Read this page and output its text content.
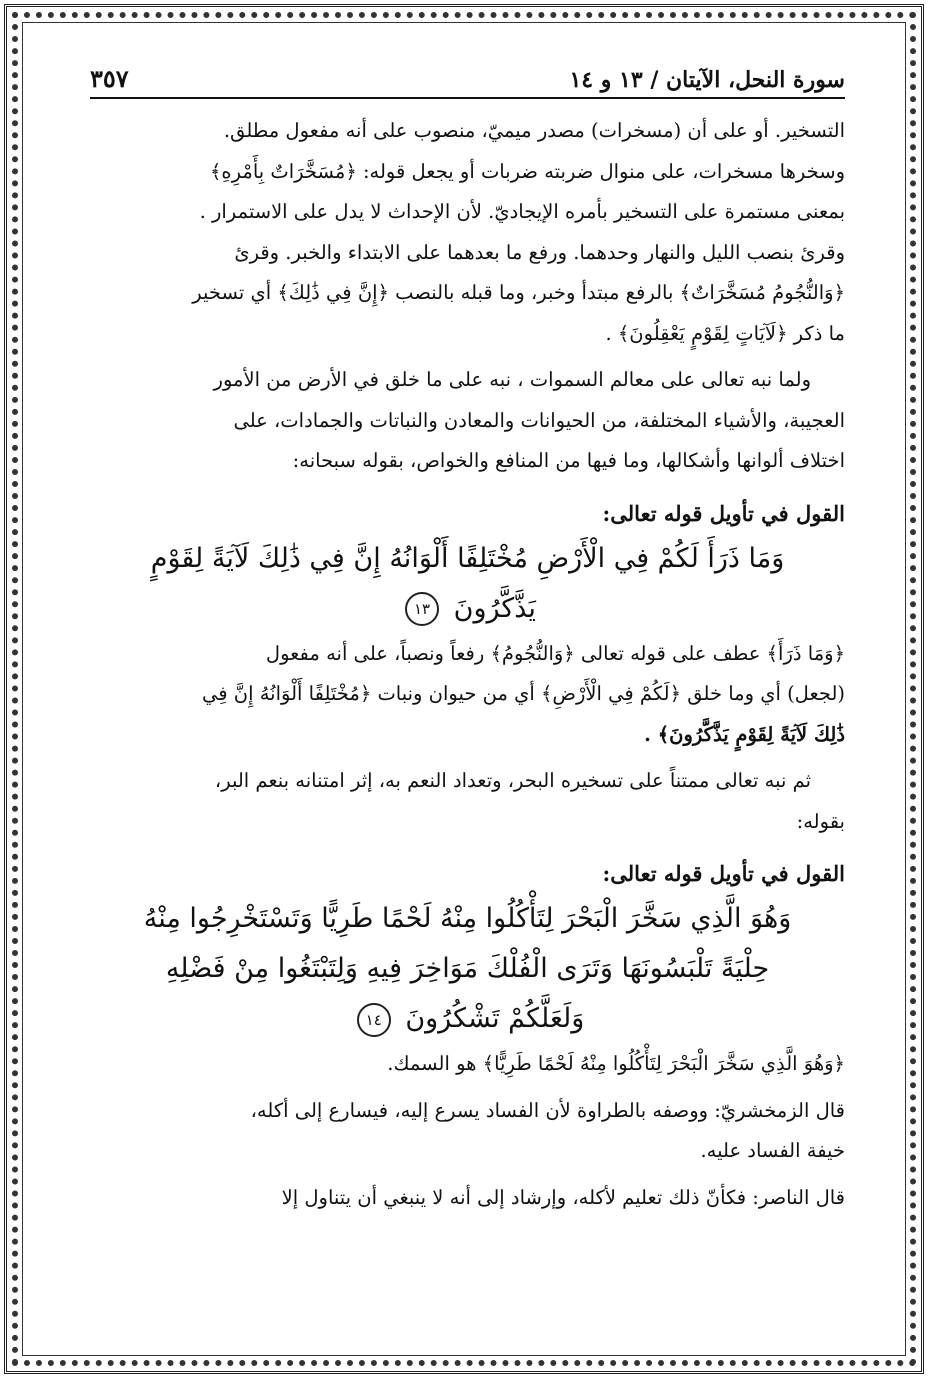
سورة النحل، الآيتان / ١٣ و ١٤
٣٥٧

التسخير. أو على أن (مسخرات) مصدر ميميّ، منصوب على أنه مفعول مطلق.

وسخرها مسخرات، على منوال ضربته ضربات أو يجعل قوله: ﴿مُسَخَّرَاتٌ بِأَمْرِهِ﴾

بمعنى مستمرة على التسخير بأمره الإيجاديّ. لأن الإحداث لا يدل على الاستمرار .

وقرئ بنصب الليل والنهار وحدهما. ورفع ما بعدهما على الابتداء والخبر. وقرئ

﴿وَالنُّجُومُ مُسَخَّرَاتٌ﴾ بالرفع مبتدأ وخبر، وما قبله بالنصب ﴿إِنَّ فِي ذَٰلِكَ﴾ أي تسخير

ما ذكر ﴿لَآيَاتٍ لِقَوْمٍ يَعْقِلُونَ﴾ .

ولما نبه تعالى على معالم السموات ، نبه على ما خلق في الأرض من الأمور

العجيبة، والأشياء المختلفة، من الحيوانات والمعادن والنباتات والجمادات، على

اختلاف ألوانها وأشكالها، وما فيها من المنافع والخواص، بقوله سبحانه:

القول في تأويل قوله تعالى:
وَمَا ذَرَأَ لَكُمْ فِي الْأَرْضِ مُخْتَلِفًا أَلْوَانُهُ إِنَّ فِي ذَٰلِكَ لَآيَةً لِقَوْمٍ
يَذَّكَّرُونَ ١٣

﴿وَمَا ذَرَأَ﴾ عطف على قوله تعالى ﴿وَالنُّجُومُ﴾ رفعاً ونصباً، على أنه مفعول

(لجعل) أي وما خلق ﴿لَكُمْ فِي الْأَرْضِ﴾ أي من حيوان ونبات ﴿مُخْتَلِفًا أَلْوَانُهُ إِنَّ فِي

ذَٰلِكَ لَآيَةً لِقَوْمٍ يَذَّكَّرُونَ﴾ .

ثم نبه تعالى ممتناً على تسخيره البحر، وتعداد النعم به، إثر امتنانه بنعم البر،

بقوله:

القول في تأويل قوله تعالى:
وَهُوَ الَّذِي سَخَّرَ الْبَحْرَ لِتَأْكُلُوا مِنْهُ لَحْمًا طَرِيًّا وَتَسْتَخْرِجُوا مِنْهُ
حِلْيَةً تَلْبَسُونَهَا وَتَرَى الْفُلْكَ مَوَاخِرَ فِيهِ وَلِتَبْتَغُوا مِنْ فَضْلِهِ
وَلَعَلَّكُمْ تَشْكُرُونَ ١٤

﴿وَهُوَ الَّذِي سَخَّرَ الْبَحْرَ لِتَأْكُلُوا مِنْهُ لَحْمًا طَرِيًّا﴾ هو السمك.

قال الزمخشريّ: ووصفه بالطراوة لأن الفساد يسرع إليه، فيسارع إلى أكله،

خيفة الفساد عليه.

قال الناصر: فكأنّ ذلك تعليم لأكله، وإرشاد إلى أنه لا ينبغي أن يتناول إلا
